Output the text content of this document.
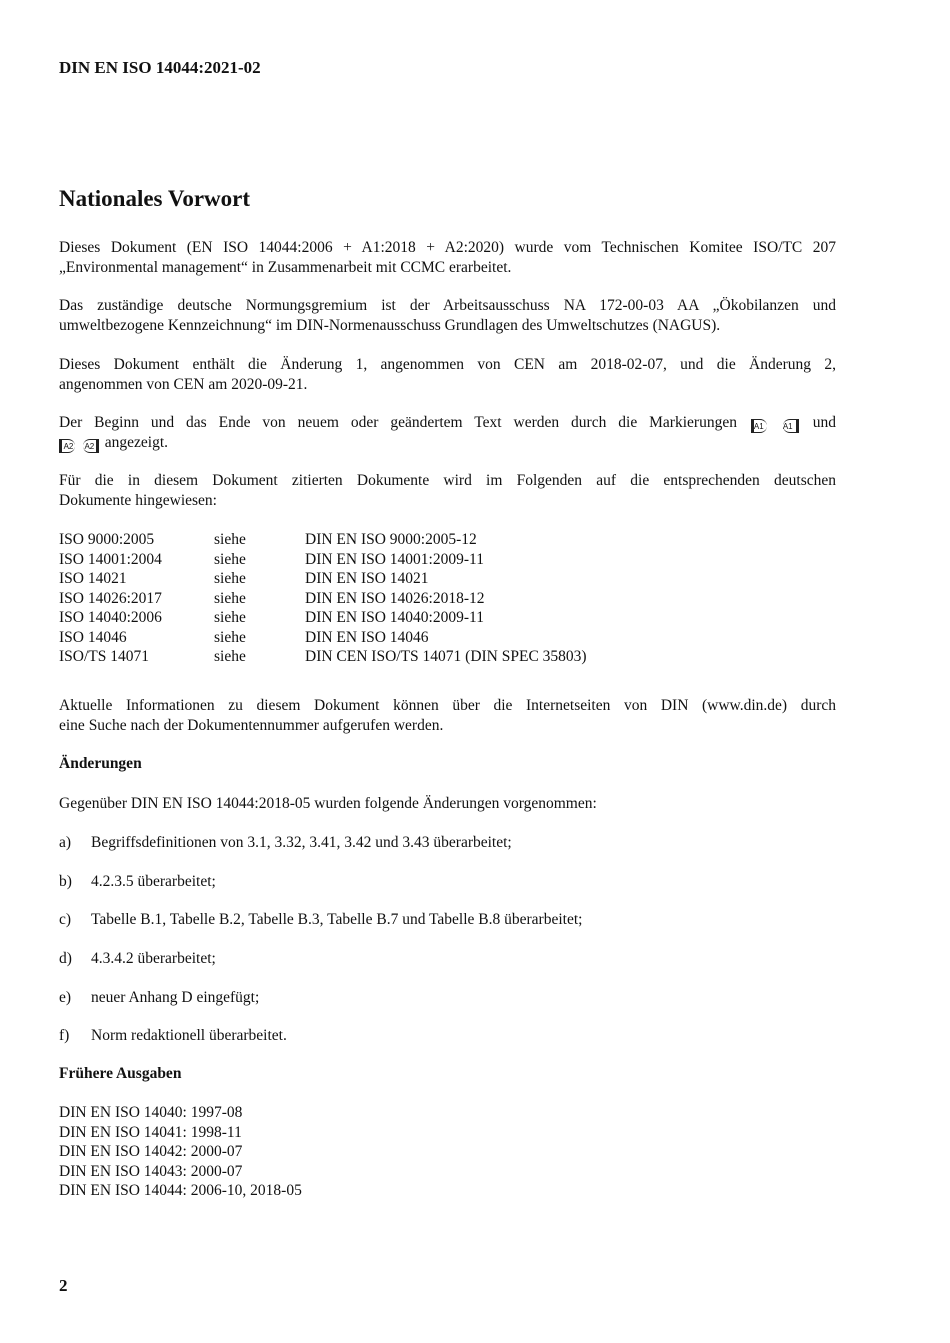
DIN EN ISO 14044:2021-02
Nationales Vorwort
Dieses Dokument (EN ISO 14044:2006 + A1:2018 + A2:2020) wurde vom Technischen Komitee ISO/TC 207
„Environmental management“ in Zusammenarbeit mit CCMC erarbeitet.
Das zuständige deutsche Normungsgremium ist der Arbeitsausschuss NA 172-00-03 AA „Ökobilanzen und
umweltbezogene Kennzeichnung“ im DIN-Normenausschuss Grundlagen des Umweltschutzes (NAGUS).
Dieses Dokument enthält die Änderung 1, angenommen von CEN am 2018-02-07, und die Änderung 2,
angenommen von CEN am 2020-09-21.
Der Beginn und das Ende von neuem oder geändertem Text werden durch die Markierungen A1 A1 und
A2 A2 angezeigt.
Für die in diesem Dokument zitierten Dokumente wird im Folgenden auf die entsprechenden deutschen
Dokumente hingewiesen:
ISO 9000:2005	siehe	DIN EN ISO 9000:2005-12
ISO 14001:2004	siehe	DIN EN ISO 14001:2009-11
ISO 14021	siehe	DIN EN ISO 14021
ISO 14026:2017	siehe	DIN EN ISO 14026:2018-12
ISO 14040:2006	siehe	DIN EN ISO 14040:2009-11
ISO 14046	siehe	DIN EN ISO 14046
ISO/TS 14071	siehe	DIN CEN ISO/TS 14071 (DIN SPEC 35803)
Aktuelle Informationen zu diesem Dokument können über die Internetseiten von DIN (www.din.de) durch
eine Suche nach der Dokumentennummer aufgerufen werden.
Änderungen
Gegenüber DIN EN ISO 14044:2018-05 wurden folgende Änderungen vorgenommen:
a) Begriffsdefinitionen von 3.1, 3.32, 3.41, 3.42 und 3.43 überarbeitet;
b) 4.2.3.5 überarbeitet;
c) Tabelle B.1, Tabelle B.2, Tabelle B.3, Tabelle B.7 und Tabelle B.8 überarbeitet;
d) 4.3.4.2 überarbeitet;
e) neuer Anhang D eingefügt;
f) Norm redaktionell überarbeitet.
Frühere Ausgaben
DIN EN ISO 14040: 1997-08
DIN EN ISO 14041: 1998-11
DIN EN ISO 14042: 2000-07
DIN EN ISO 14043: 2000-07
DIN EN ISO 14044: 2006-10, 2018-05
2
